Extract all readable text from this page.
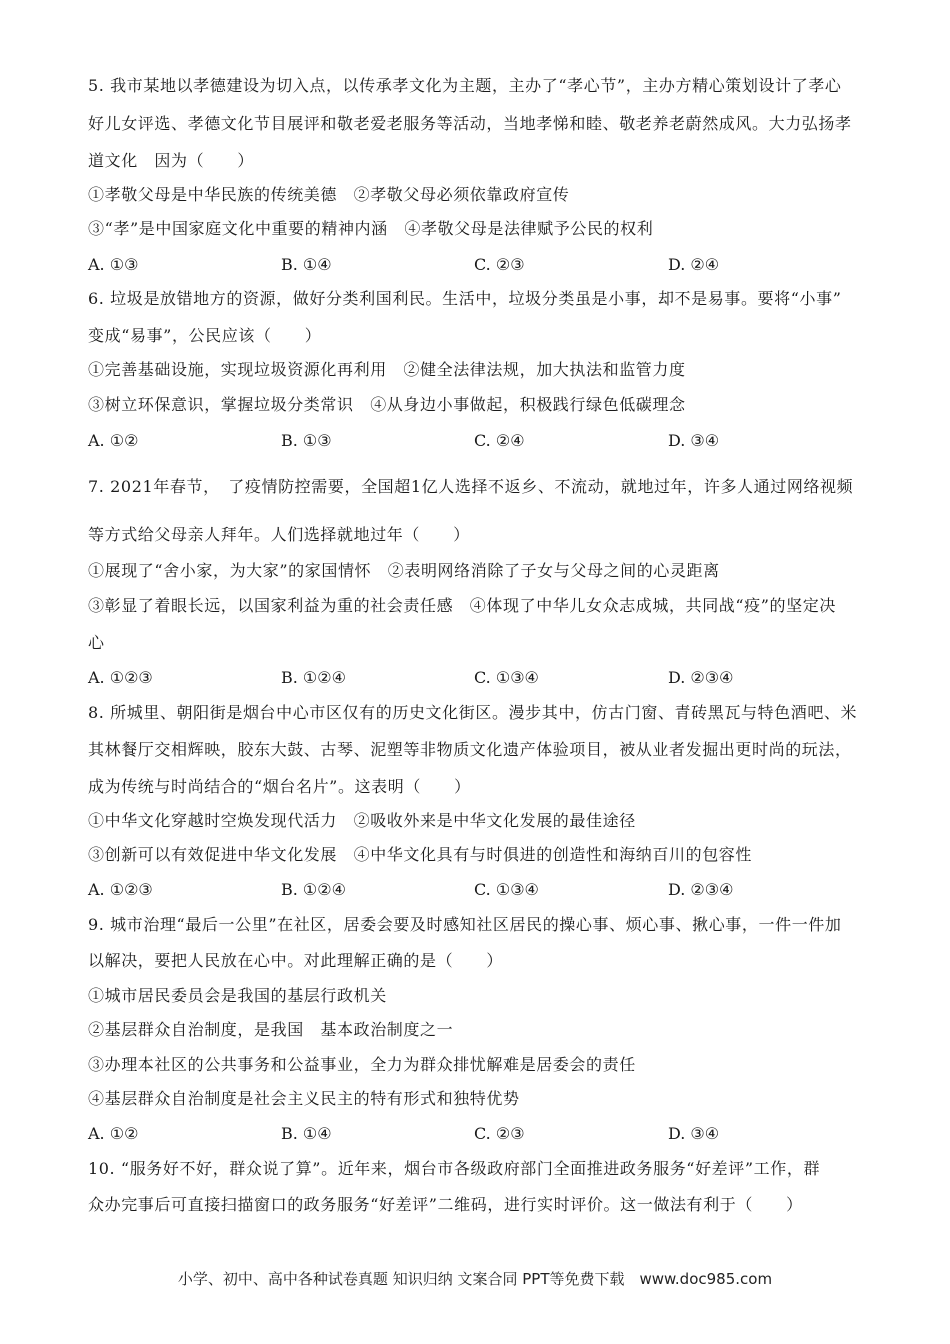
5. 我市某地以孝德建设为切入点，以传承孝文化为主题，主办了“孝心节”，主办方精心策划设计了孝心
好儿女评选、孝德文化节目展评和敬老爱老服务等活动，当地孝悌和睦、敬老养老蔚然成风。大力弘扬孝
道文化　因为（　　）
①孝敬父母是中华民族的传统美德　②孝敬父母必须依靠政府宣传
③“孝”是中国家庭文化中重要的精神内涵　④孝敬父母是法律赋予公民的权利
A. ①③	B. ①④	C. ②③	D. ②④
6. 垃圾是放错地方的资源，做好分类利国利民。生活中，垃圾分类虽是小事，却不是易事。要将“小事”
变成“易事”，公民应该（　　）
①完善基础设施，实现垃圾资源化再利用　②健全法律法规，加大执法和监管力度
③树立环保意识，掌握垃圾分类常识　④从身边小事做起，积极践行绿色低碳理念
A. ①②	B. ①③	C. ②④	D. ③④
7. 2021年春节，　了疫情防控需要，全国超1亿人选择不返乡、不流动，就地过年，许多人通过网络视频
等方式给父母亲人拜年。人们选择就地过年（　　）
①展现了“舍小家，为大家”的家国情怀　②表明网络消除了子女与父母之间的心灵距离
③彰显了着眼长远，以国家利益为重的社会责任感　④体现了中华儿女众志成城，共同战“疫”的坚定决
心
A. ①②③	B. ①②④	C. ①③④	D. ②③④
8. 所城里、朝阳街是烟台中心市区仅有的历史文化街区。漫步其中，仿古门窗、青砖黑瓦与特色酒吧、米
其林餐厅交相辉映，胶东大鼓、古琴、泥塑等非物质文化遗产体验项目，被从业者发掘出更时尚的玩法，
成为传统与时尚结合的“烟台名片”。这表明（　　）
①中华文化穿越时空焕发现代活力　②吸收外来是中华文化发展的最佳途径
③创新可以有效促进中华文化发展　④中华文化具有与时俱进的创造性和海纳百川的包容性
A. ①②③	B. ①②④	C. ①③④	D. ②③④
9. 城市治理“最后一公里”在社区，居委会要及时感知社区居民的操心事、烦心事、揪心事，一件一件加
以解决，要把人民放在心中。对此理解正确的是（　　）
①城市居民委员会是我国的基层行政机关
②基层群众自治制度，是我国　基本政治制度之一
③办理本社区的公共事务和公益事业，全力为群众排忧解难是居委会的责任
④基层群众自治制度是社会主义民主的特有形式和独特优势
A. ①②	B. ①④	C. ②③	D. ③④
10. “服务好不好，群众说了算”。近年来，烟台市各级政府部门全面推进政务服务“好差评”工作，群
众办完事后可直接扫描窗口的政务服务“好差评”二维码，进行实时评价。这一做法有利于（　　）
小学、初中、高中各种试卷真题 知识归纳 文案合同 PPT等免费下载　www.doc985.com
